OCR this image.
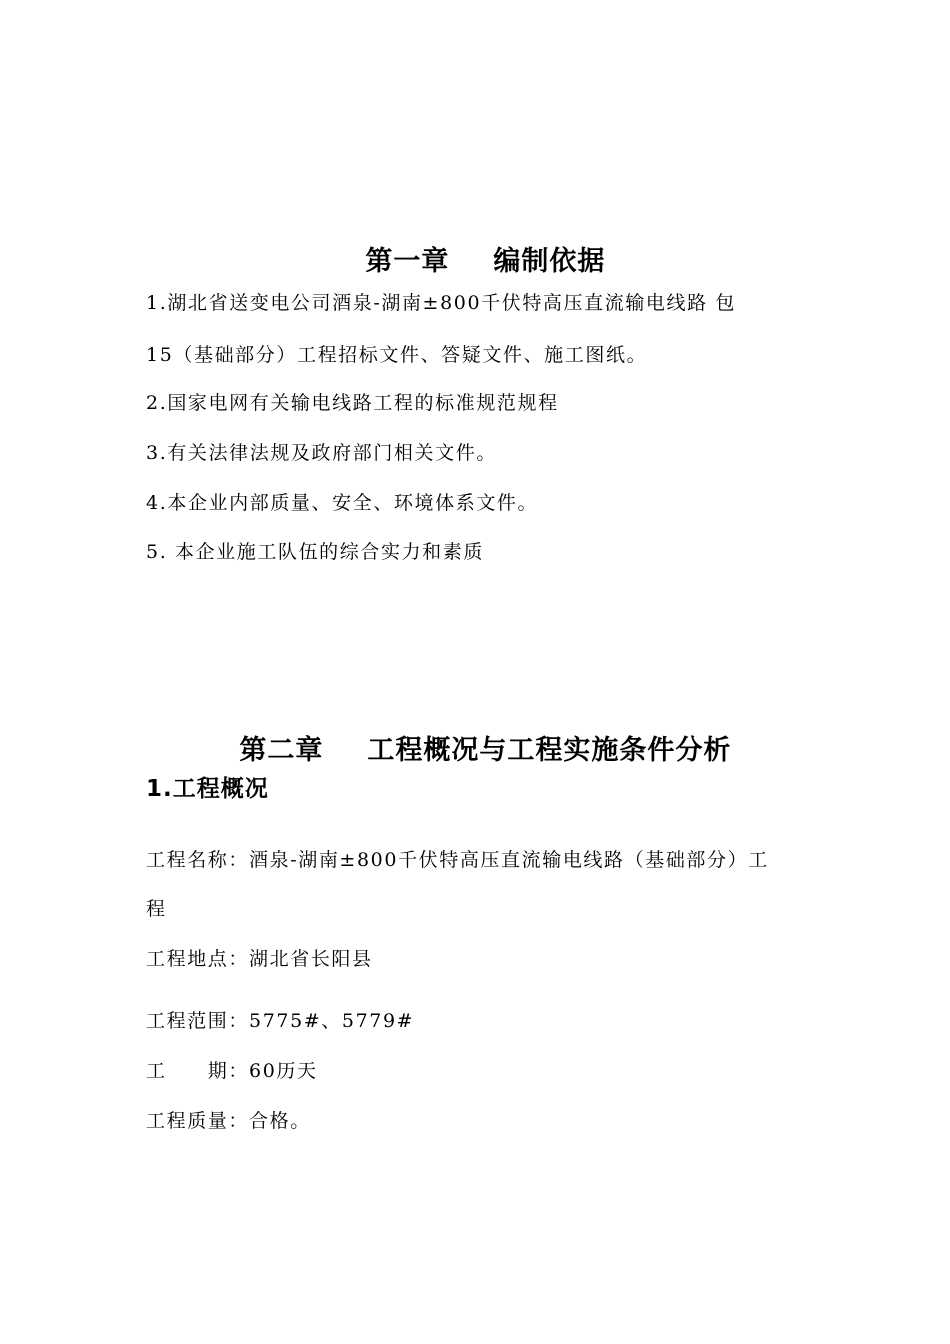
第一章 编制依据

1.湖北省送变电公司酒泉-湖南±800千伏特高压直流输电线路 包
15（基础部分）工程招标文件、答疑文件、施工图纸。
2.国家电网有关输电线路工程的标准规范规程
3.有关法律法规及政府部门相关文件。
4.本企业内部质量、安全、环境体系文件。
5. 本企业施工队伍的综合实力和素质

第二章 工程概况与工程实施条件分析

1.工程概况
工程名称：酒泉-湖南±800千伏特高压直流输电线路（基础部分）工
程
工程地点：湖北省长阳县
工程范围：5775#、5779#
工　　期：60历天
工程质量：合格。
